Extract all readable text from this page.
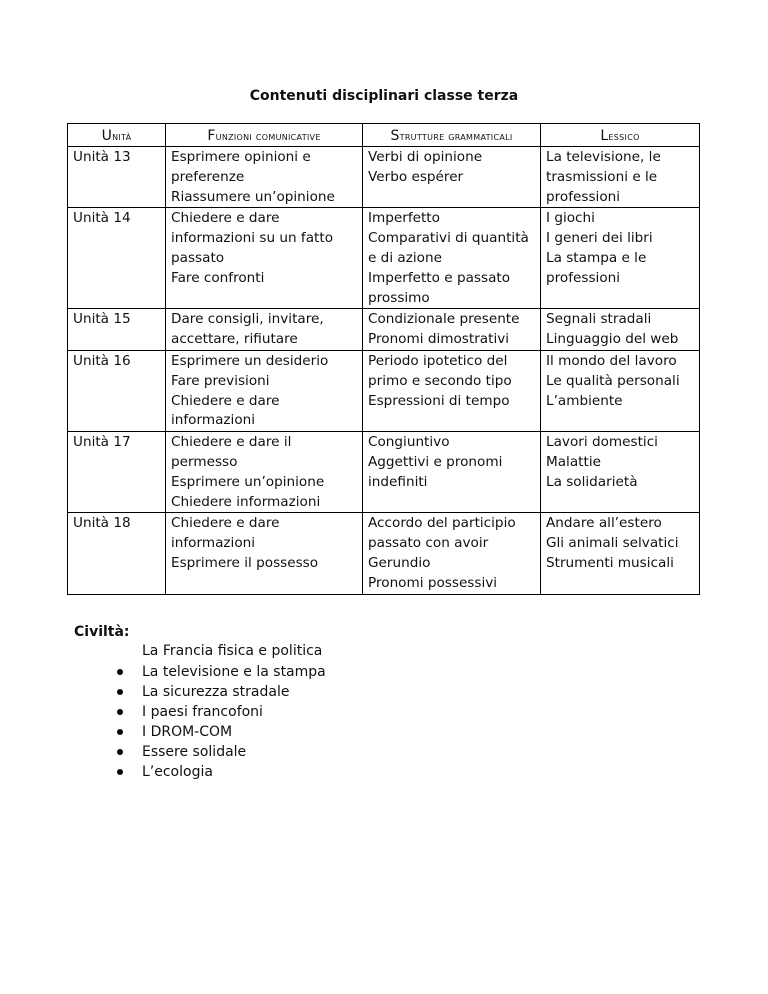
Contenuti disciplinari classe terza
Unità	Funzioni comunicative	Strutture grammaticali	Lessico

Unità 13	Esprimere opinioni e
preferenze
Riassumere un’opinione	Verbi di opinione
Verbo espérer	La televisione, le
trasmissioni e le
professioni

Unità 14	Chiedere e dare
informazioni su un fatto
passato
Fare confronti	Imperfetto
Comparativi di quantità
e di azione
Imperfetto e passato
prossimo	I giochi
I generi dei libri
La stampa e le
professioni

Unità 15	Dare consigli, invitare,
accettare, rifiutare	Condizionale presente
Pronomi dimostrativi	Segnali stradali
Linguaggio del web

Unità 16	Esprimere un desiderio
Fare previsioni
Chiedere e dare
informazioni	Periodo ipotetico del
primo e secondo tipo
Espressioni di tempo	Il mondo del lavoro
Le qualità personali
L’ambiente

Unità 17	Chiedere e dare il
permesso
Esprimere un’opinione
Chiedere informazioni	Congiuntivo
Aggettivi e pronomi
indefiniti	Lavori domestici
Malattie
La solidarietà

Unità 18	Chiedere e dare
informazioni
Esprimere il possesso	Accordo del participio
passato con avoir
Gerundio
Pronomi possessivi	Andare all’estero
Gli animali selvatici
Strumenti musicali
Civiltà:
La Francia fisica e politica
La televisione e la stampa
La sicurezza stradale
I paesi francofoni
I DROM-COM
Essere solidale
L’ecologia
